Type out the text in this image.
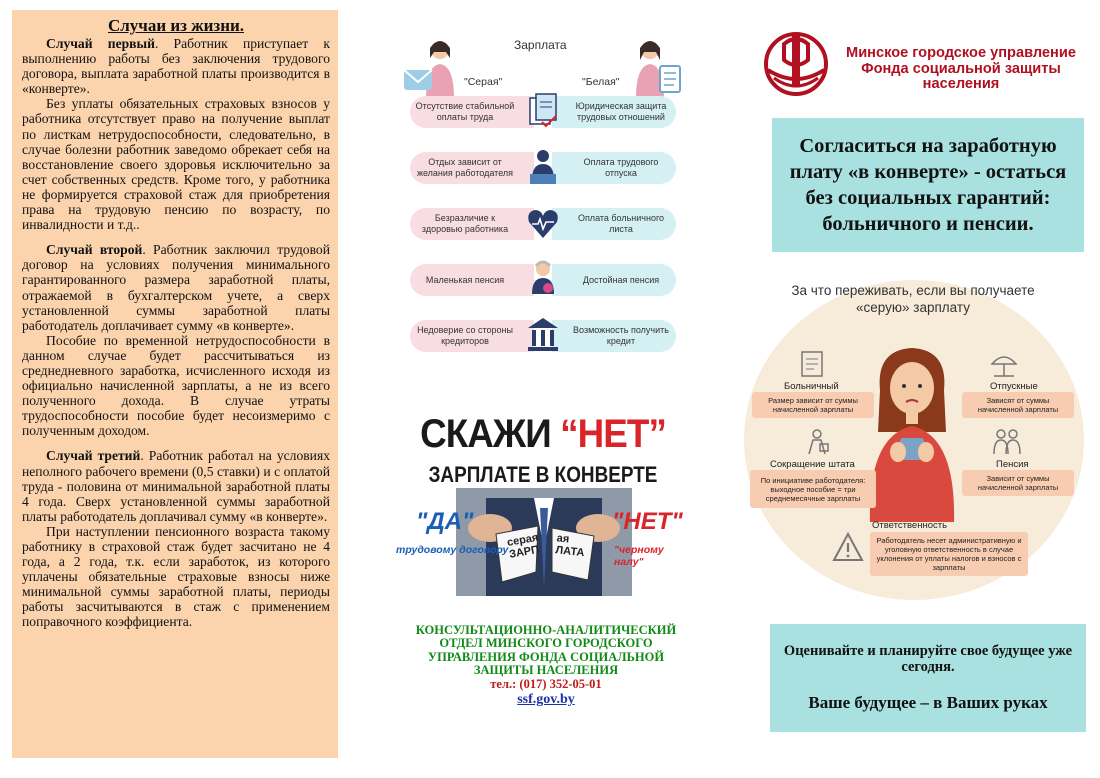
Случаи из жизни.

Случай первый. Работник приступает к выполнению работы без заключения трудового договора, выплата заработной платы производится в «конверте».

Без уплаты обязательных страховых взносов у работника отсутствует право на получение выплат по листкам нетрудоспособности, следовательно, в случае болезни работник заведомо обрекает себя на восстановление своего здоровья исключительно за счет собственных средств. Кроме того, у работника не формируется страховой стаж для приобретения права на трудовую пенсию по возрасту, по инвалидности и т.д..

Случай второй. Работник заключил трудовой договор на условиях получения минимального гарантированного размера заработной платы, отражаемой в бухгалтерском учете, а сверх установленной суммы заработной платы работодатель доплачивает сумму «в конверте».

Пособие по временной нетрудоспособности в данном случае будет рассчитываться из среднедневного заработка, исчисленного исходя из официально начисленной зарплаты, а не из всего полученного дохода. В случае утраты трудоспособности пособие будет несоизмеримо с полученным доходом.

Случай третий. Работник работал на условиях неполного рабочего времени (0,5 ставки) и с оплатой труда - половина от минимальной заработной платы 4 года. Сверх установленной суммы заработной платы работодатель доплачивал сумму «в конверте».

При наступлении пенсионного возраста такому работнику в страховой стаж будет засчитано не 4 года, а 2 года, т.к. если заработок, из которого уплачены обязательные страховые взносы ниже минимальной суммы заработной платы, периоды работы засчитываются в стаж с применением поправочного коэффициента.

Зарплата
"Серая"	"Белая"
Отсутствие стабильной оплаты труда
Юридическая защита трудовых отношений
Отдых зависит от желания работодателя
Оплата трудового отпуска
Безразличие к здоровью работника
Оплата больничного листа
Маленькая пенсия	Достойная пенсия
Недоверие со стороны кредиторов
Возможность получить кредит
СКАЖИ “НЕТ”
ЗАРПЛАТЕ В КОНВЕРТЕ
серая ЗАРП
ая ЛАТА
"ДА"
трудовому договору
"НЕТ"
"черному налу"
КОНСУЛЬТАЦИОННО-АНАЛИТИЧЕСКИЙ
ОТДЕЛ МИНСКОГО ГОРОДСКОГО
УПРАВЛЕНИЯ ФОНДА СОЦИАЛЬНОЙ
ЗАЩИТЫ НАСЕЛЕНИЯ
тел.: (017) 352-05-01
ssf.gov.by
Минское городское управление Фонда социальной защиты населения
Согласиться на заработную плату «в конверте» - остаться без социальных гарантий: больничного и пенсии.
За что переживать, если вы получаете «серую» зарплату
Больничный
Размер зависит от суммы начисленной зарплаты
Отпускные
Зависят от суммы начисленной зарплаты
Сокращение штата
По инициативе работодателя: выходное пособие = три среднемесячные зарплаты
Пенсия
Зависит от суммы начисленной зарплаты
Ответственность
Работодатель несет административную и уголовную ответственность в случае уклонения от уплаты налогов и взносов с зарплаты
Оценивайте и планируйте свое будущее уже сегодня.
Ваше будущее – в Ваших руках
